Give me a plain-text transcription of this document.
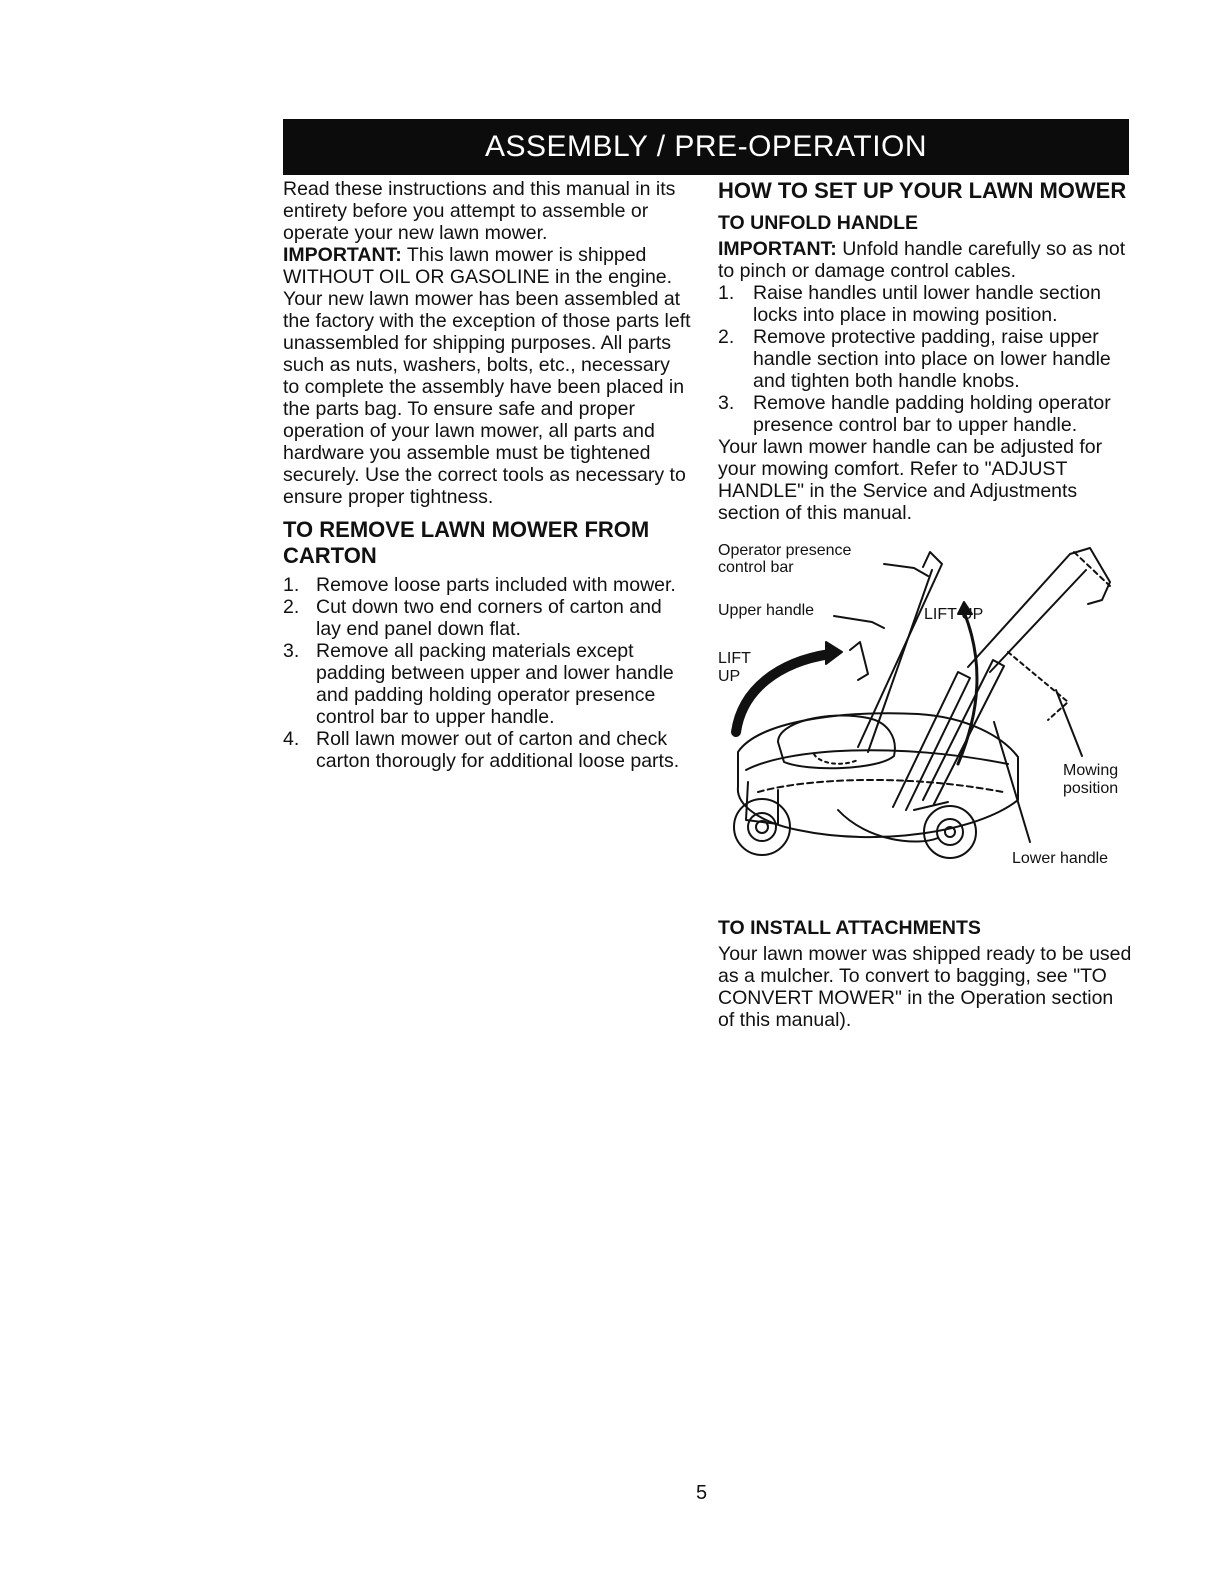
ASSEMBLY / PRE-OPERATION

Read these instructions and this manual in its entirety before you attempt to assemble or operate your new lawn mower.

IMPORTANT: This lawn mower is shipped WITHOUT OIL OR GASOLINE in the engine.

Your new lawn mower has been assembled at the factory with the exception of those parts left unassembled for shipping purposes. All parts such as nuts, washers, bolts, etc., necessary to complete the assembly have been placed in the parts bag. To ensure safe and proper operation of your lawn mower, all parts and hardware you assemble must be tightened securely. Use the correct tools as necessary to ensure proper tightness.

TO REMOVE LAWN MOWER FROM CARTON
1. Remove loose parts included with mower.
2. Cut down two end corners of carton and lay end panel down flat.
3. Remove all packing materials except padding between upper and lower handle and padding holding operator presence control bar to upper handle.
4. Roll lawn mower out of carton and check carton thorougly for additional loose parts.
HOW TO SET UP YOUR LAWN MOWER
TO UNFOLD HANDLE

IMPORTANT: Unfold handle carefully so as not to pinch or damage control cables.

1. Raise handles until lower handle section locks into place in mowing position.
2. Remove protective padding, raise upper handle section into place on lower handle and tighten both handle knobs.
3. Remove handle padding holding operator presence control bar to upper handle.

Your lawn mower handle can be adjusted for your mowing comfort. Refer to "ADJUST HANDLE" in the Service and Adjustments section of this manual.

Operator presence
control bar
Upper handle	LIFT UP
LIFT
UP
Mowing
position
Lower handle
TO INSTALL ATTACHMENTS

Your lawn mower was shipped ready to be used as a mulcher. To convert to bagging, see "TO CONVERT MOWER" in the Operation section of this manual).

5
